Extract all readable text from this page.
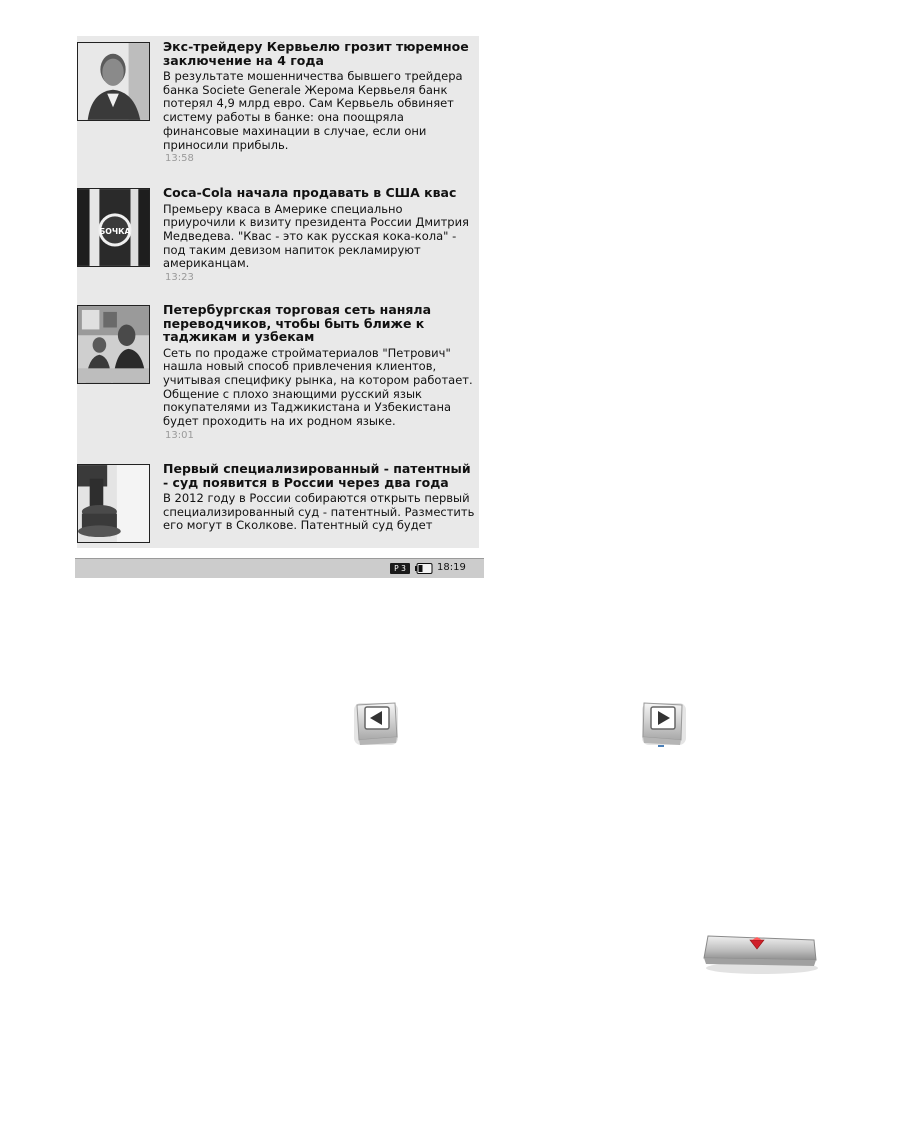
Экс-трейдеру Кервьелю грозит тюремное заключение на 4 года
В результате мошенничества бывшего трейдера банка Societe Generale Жерома Кервьеля банк потерял 4,9 млрд евро. Сам Кервьель обвиняет систему работы в банке: она поощряла финансовые махинации в случае, если они приносили прибыль.
13:58
БОЧКА
Coca-Cola начала продавать в США квас
Премьеру кваса в Америке специально приурочили к визиту президента России Дмитрия Медведева. "Квас - это как русская кока-кола" - под таким девизом напиток рекламируют американцам.
13:23
Петербургская торговая сеть наняла переводчиков, чтобы быть ближе к таджикам и узбекам
Сеть по продаже стройматериалов "Петрович" нашла новый способ привлечения клиентов, учитывая специфику рынка, на котором работает. Общение с плохо знающими русский язык покупателями из Таджикистана и Узбекистана будет проходить на их родном языке.
13:01
Первый специализированный - патентный - суд появится в России через два года
В 2012 году в России собираются открыть первый специализированный суд - патентный. Разместить его могут в Сколкове. Патентный суд будет
P 3	18:19
